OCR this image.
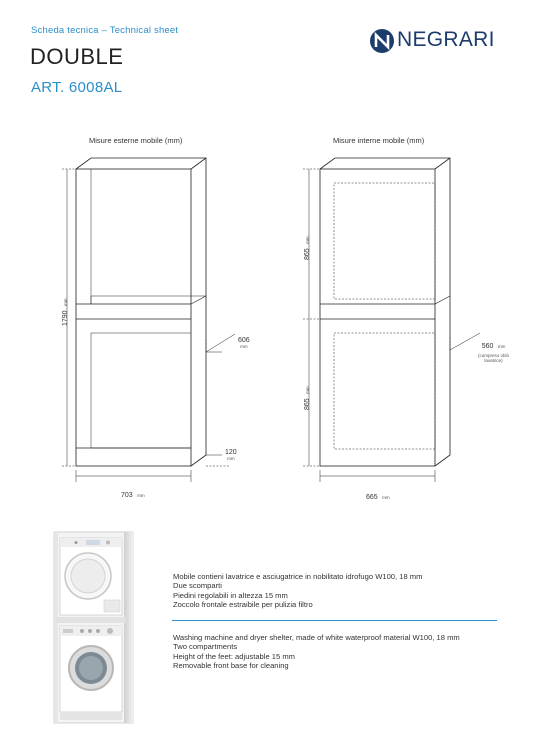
Scheda tecnica – Technical sheet
DOUBLE
ART. 6008AL
NEGRARI
Misure esterne mobile (mm)	Misure interne mobile (mm)
1790 mm
606
mm
120
mm
703 mm
865 mm
865 mm
560 mm
(compreso oblò
lavatrice)
665 mm
Mobile contieni lavatrice e asciugatrice in nobilitato idrofugo W100, 18 mm
Due scomparti
Piedini regolabili in altezza 15 mm
Zoccolo frontale estraibile per pulizia filtro
Washing machine and dryer shelter, made of white waterproof material W100, 18 mm
Two compartments
Height of the feet: adjustable 15 mm
Removable front base for cleaning
